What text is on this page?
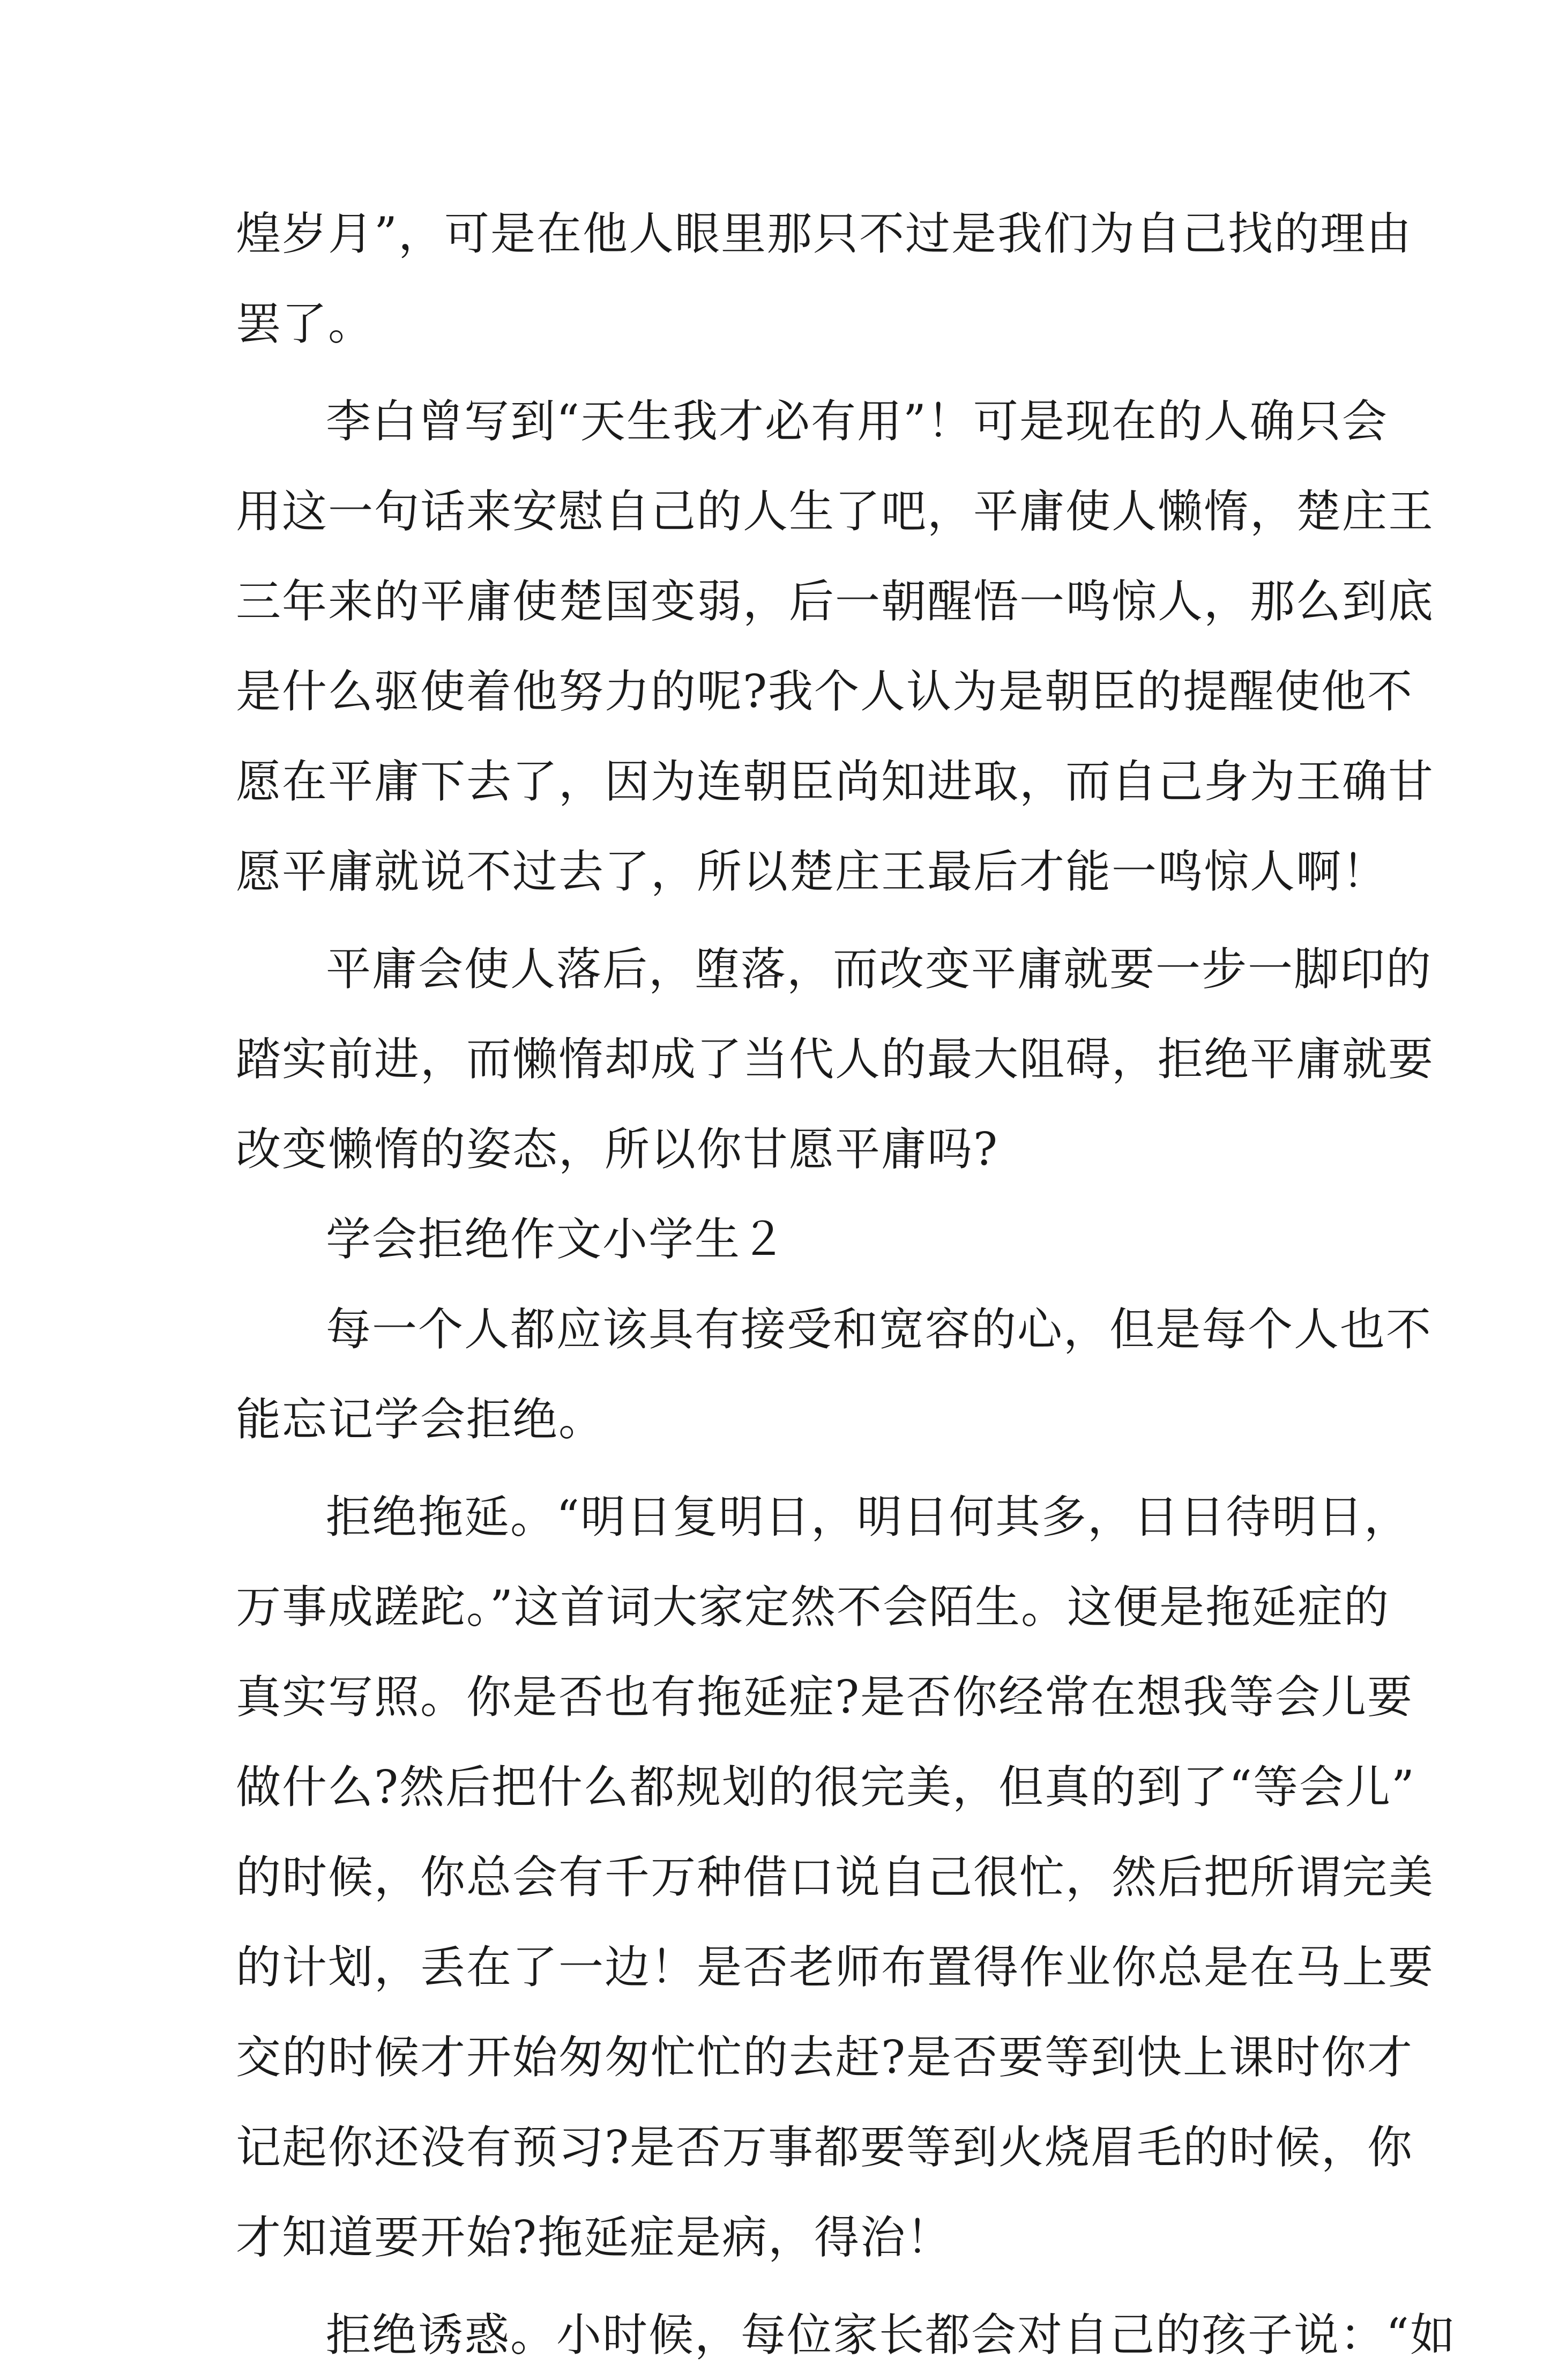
煌岁月”，可是在他人眼里那只不过是我们为自己找的理由
罢了。
李白曾写到“天生我才必有用”！可是现在的人确只会
用这一句话来安慰自己的人生了吧，平庸使人懒惰，楚庄王
三年来的平庸使楚国变弱，后一朝醒悟一鸣惊人，那么到底
是什么驱使着他努力的呢?我个人认为是朝臣的提醒使他不
愿在平庸下去了，因为连朝臣尚知进取，而自己身为王确甘
愿平庸就说不过去了，所以楚庄王最后才能一鸣惊人啊！
平庸会使人落后，堕落，而改变平庸就要一步一脚印的
踏实前进，而懒惰却成了当代人的最大阻碍，拒绝平庸就要
改变懒惰的姿态，所以你甘愿平庸吗?
学会拒绝作文小学生２
每一个人都应该具有接受和宽容的心，但是每个人也不
能忘记学会拒绝。
拒绝拖延。“明日复明日，明日何其多，日日待明日，
万事成蹉跎。”这首词大家定然不会陌生。这便是拖延症的
真实写照。你是否也有拖延症?是否你经常在想我等会儿要
做什么?然后把什么都规划的很完美，但真的到了“等会儿”
的时候，你总会有千万种借口说自己很忙，然后把所谓完美
的计划，丢在了一边！是否老师布置得作业你总是在马上要
交的时候才开始匆匆忙忙的去赶?是否要等到快上课时你才
记起你还没有预习?是否万事都要等到火烧眉毛的时候，你
才知道要开始?拖延症是病，得治！
拒绝诱惑。小时候，每位家长都会对自己的孩子说：“如
